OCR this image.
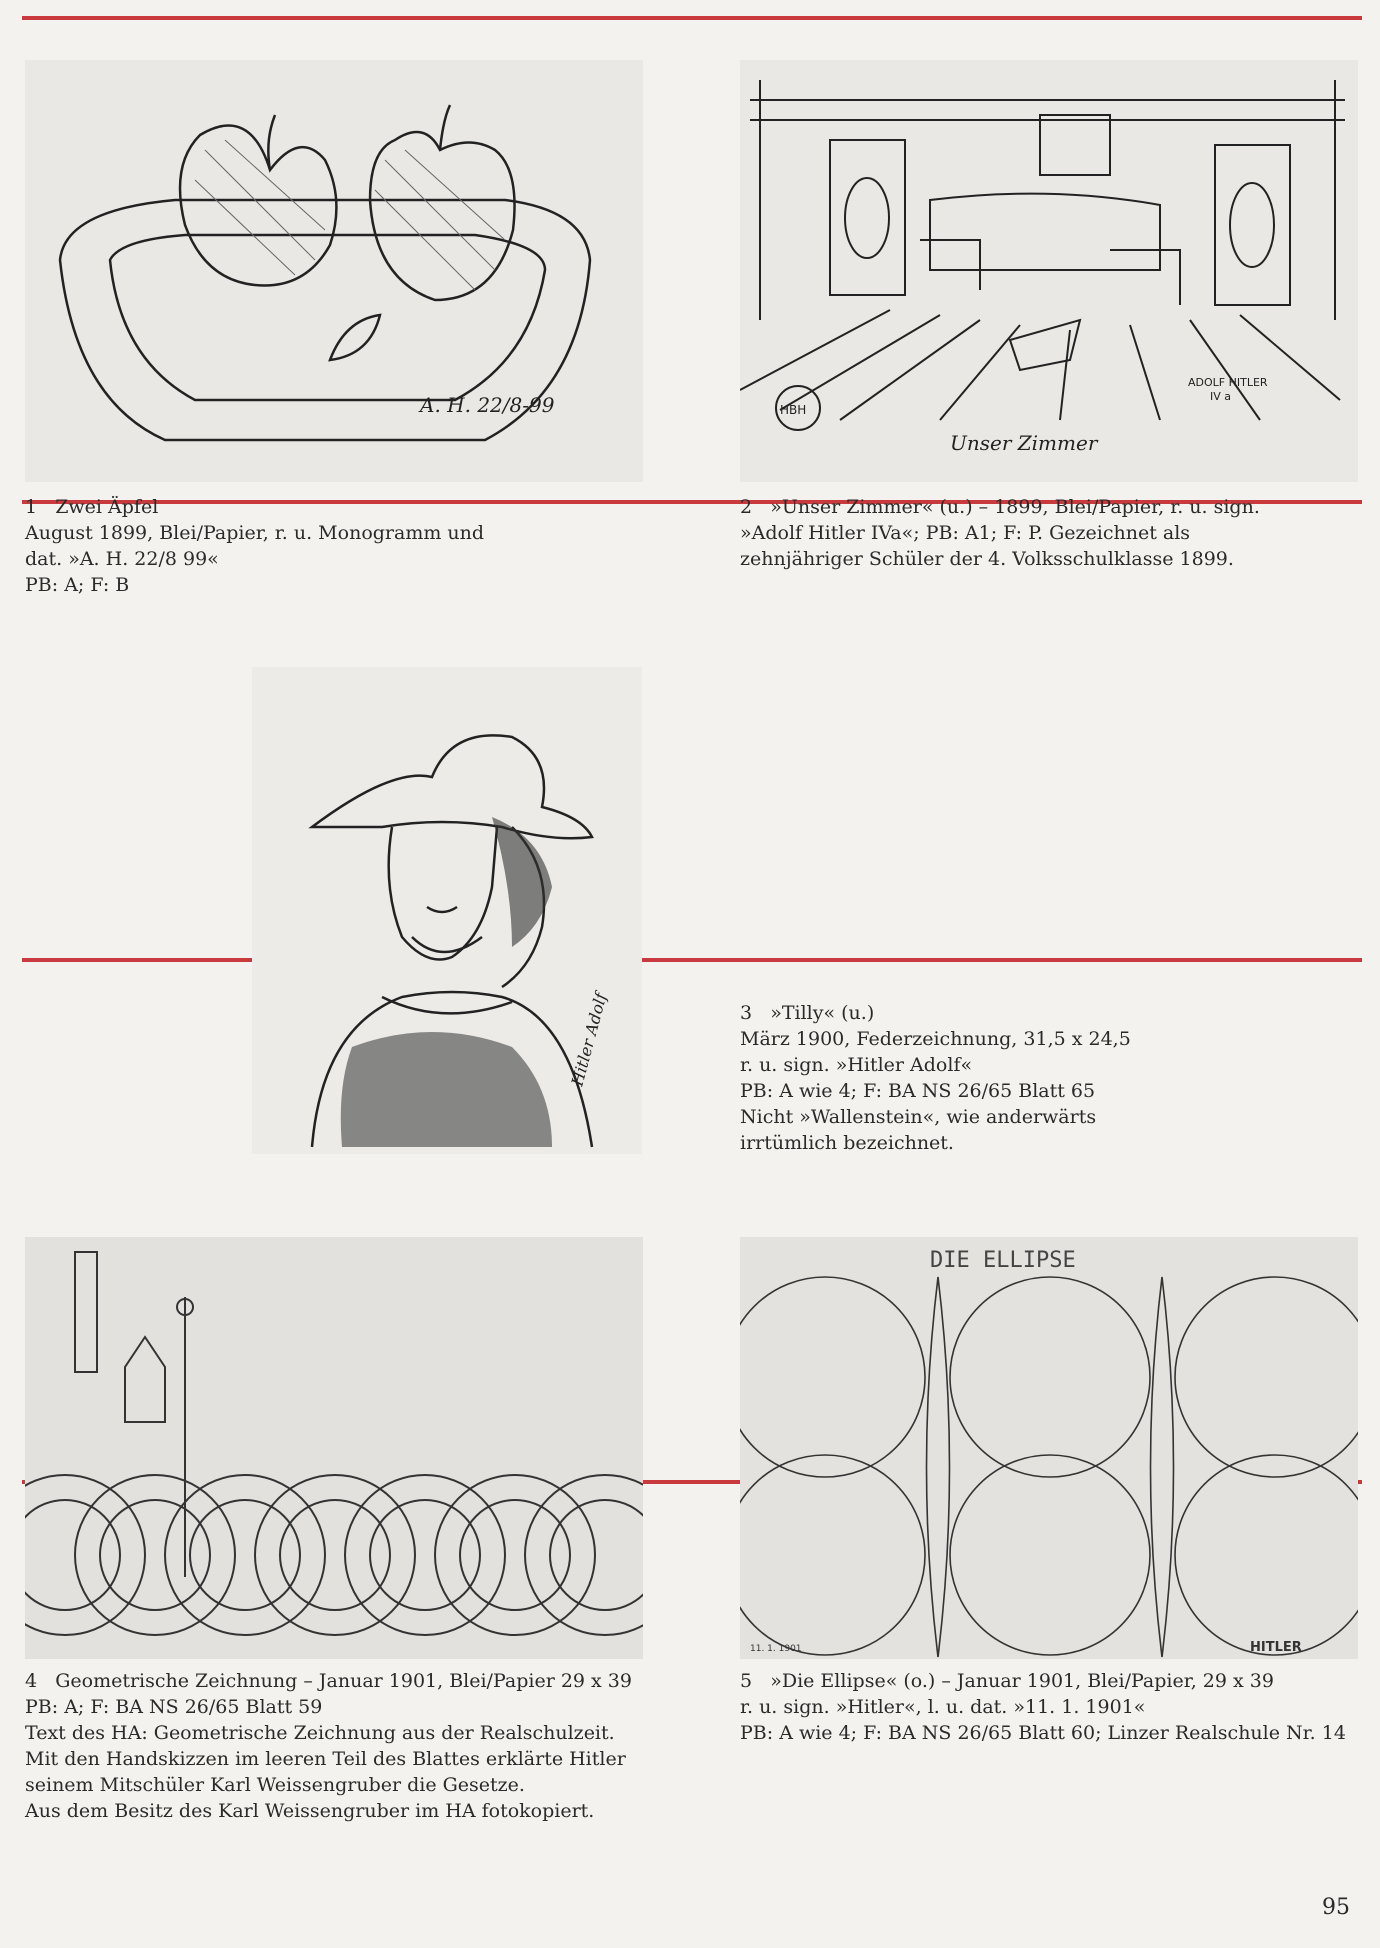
A. H. 22/8-99	HBH
ADOLF HITLER
IV a
Unser Zimmer
1 Zwei Äpfel
August 1899, Blei/Papier, r. u. Monogramm und
dat. »A. H. 22/8 99«
PB: A; F: B
2 »Unser Zimmer« (u.) – 1899, Blei/Papier, r. u. sign.
»Adolf Hitler IVa«; PB: A1; F: P. Gezeichnet als
zehnjähriger Schüler der 4. Volksschulklasse 1899.
Hitler Adolf	3 »Tilly« (u.)
März 1900, Federzeichnung, 31,5 x 24,5
r. u. sign. »Hitler Adolf«
PB: A wie 4; F: BA NS 26/65 Blatt 65
Nicht »Wallenstein«, wie anderwärts
irrtümlich bezeichnet.
DIE ELLIPSE
11. 1. 1901	HITLER
4 Geometrische Zeichnung – Januar 1901, Blei/Papier 29 x 39
PB: A; F: BA NS 26/65 Blatt 59
Text des HA: Geometrische Zeichnung aus der Realschulzeit.
Mit den Handskizzen im leeren Teil des Blattes erklärte Hitler
seinem Mitschüler Karl Weissengruber die Gesetze.
Aus dem Besitz des Karl Weissengruber im HA fotokopiert.
5 »Die Ellipse« (o.) – Januar 1901, Blei/Papier, 29 x 39
r. u. sign. »Hitler«, l. u. dat. »11. 1. 1901«
PB: A wie 4; F: BA NS 26/65 Blatt 60; Linzer Realschule Nr. 14
95
